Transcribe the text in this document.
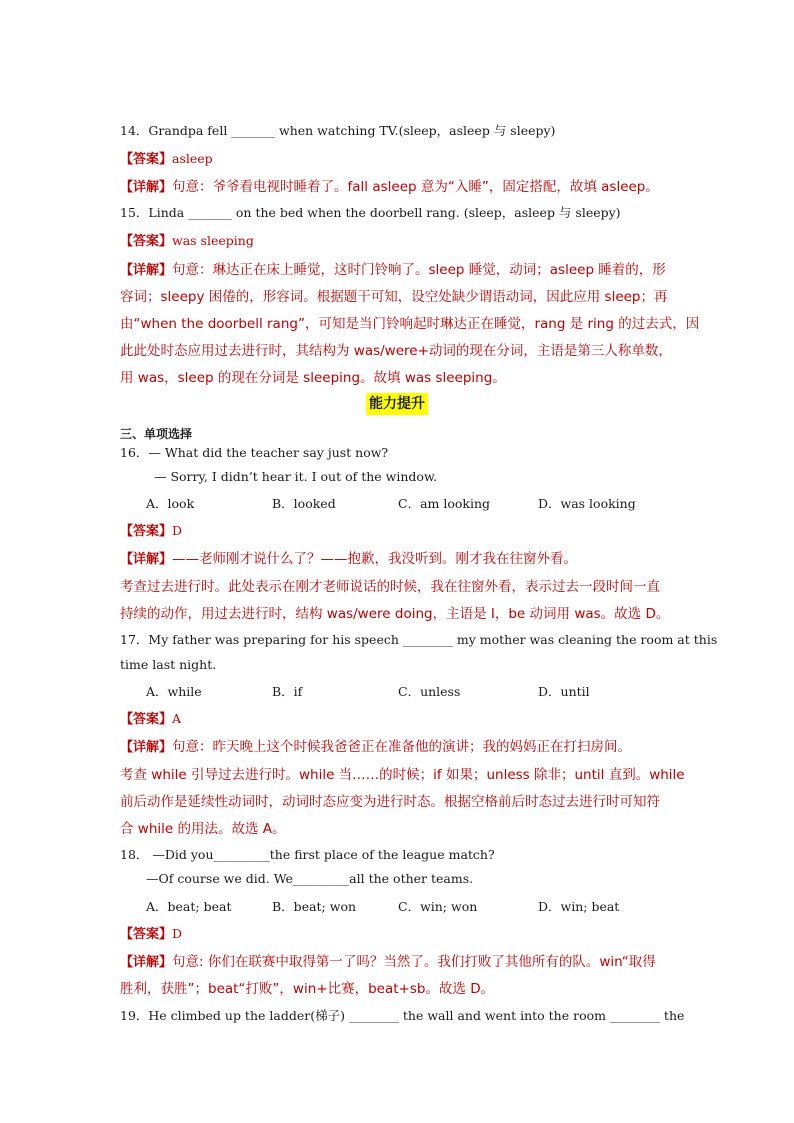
14．Grandpa fell _______ when watching TV.(sleep，asleep 与 sleepy)
【答案】asleep
【详解】句意：爷爷看电视时睡着了。fall asleep 意为“入睡”，固定搭配，故填 asleep。
15．Linda _______ on the bed when the doorbell rang. (sleep，asleep 与 sleepy)
【答案】was sleeping
【详解】句意：琳达正在床上睡觉，这时门铃响了。sleep 睡觉，动词；asleep 睡着的，形
容词；sleepy 困倦的，形容词。根据题干可知，设空处缺少谓语动词，因此应用 sleep；再
由“when the doorbell rang”，可知是当门铃响起时琳达正在睡觉，rang 是 ring 的过去式，因
此此处时态应用过去进行时，其结构为 was/were+动词的现在分词，主语是第三人称单数，
用 was，sleep 的现在分词是 sleeping。故填 was sleeping。
能力提升
三、单项选择
16．— What did the teacher say just now?
— Sorry, I didn’t hear it. I out of the window.
A．look	B．looked	C．am looking	D．was looking
【答案】D
【详解】——老师刚才说什么了？——抱歉，我没听到。刚才我在往窗外看。
考查过去进行时。此处表示在刚才老师说话的时候，我在往窗外看，表示过去一段时间一直
持续的动作，用过去进行时，结构 was/were doing，主语是 I，be 动词用 was。故选 D。
17．My father was preparing for his speech ________ my mother was cleaning the room at this
time last night.
A．while	B．if	C．unless	D．until
【答案】A
【详解】句意：昨天晚上这个时候我爸爸正在准备他的演讲；我的妈妈正在打扫房间。
考查 while 引导过去进行时。while 当……的时候；if 如果；unless 除非；until 直到。while
前后动作是延续性动词时，动词时态应变为进行时态。根据空格前后时态过去进行时可知符
合 while 的用法。故选 A。
18． —Did you_________the first place of the league match?
—Of course we did. We_________all the other teams.
A．beat; beat	B．beat; won	C．win; won	D．win; beat
【答案】D
【详解】句意: 你们在联赛中取得第一了吗？当然了。我们打败了其他所有的队。win“取得
胜利，获胜”；beat“打败”，win+比赛，beat+sb。故选 D。
19．He climbed up the ladder(梯子) ________ the wall and went into the room ________ the
